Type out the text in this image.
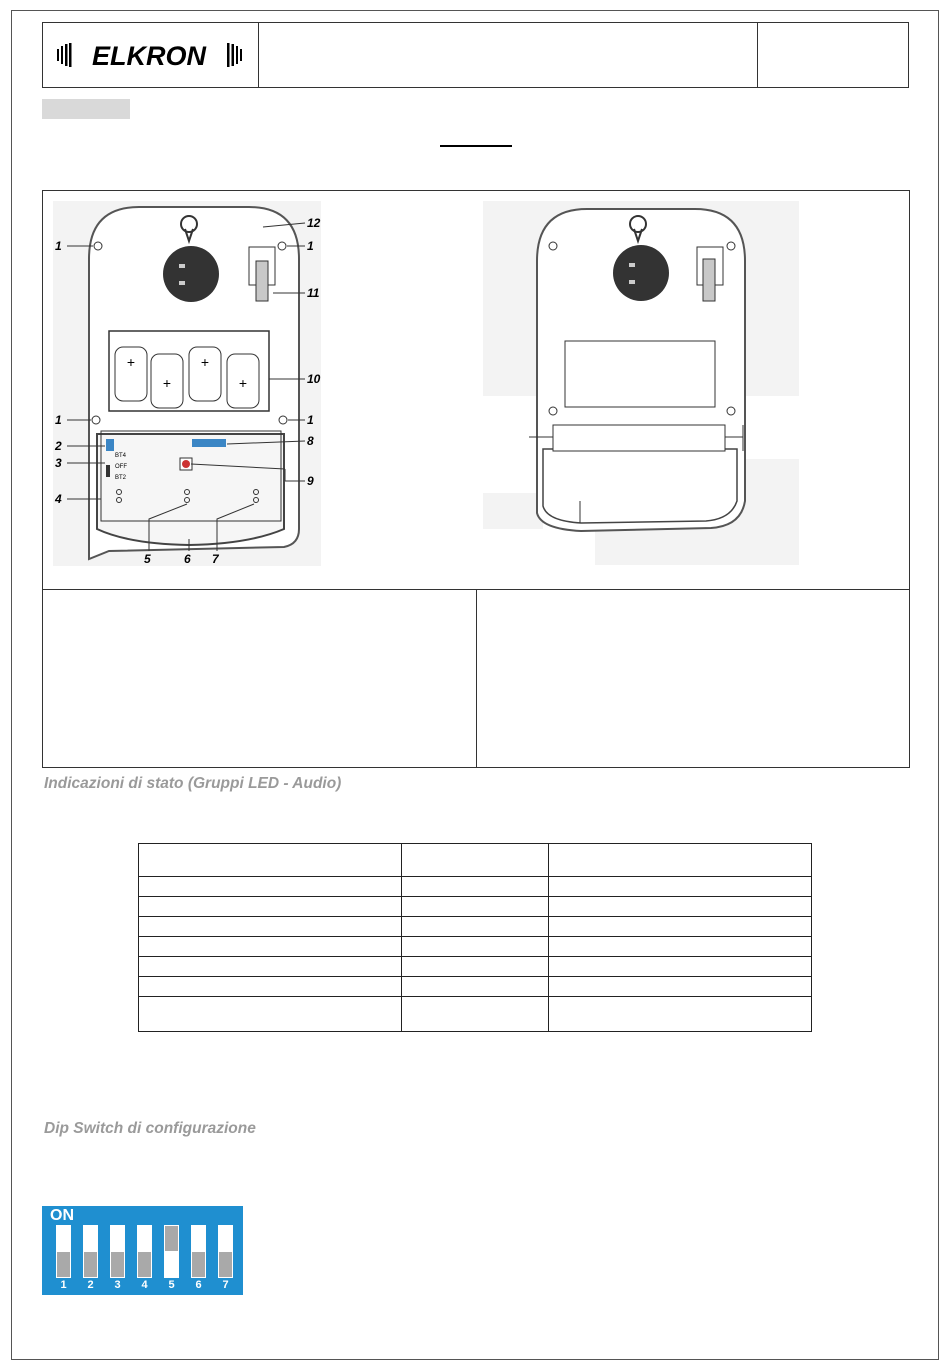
ELKRON
+
+
+
+
BT4
OFF
BT2
1	1
11
12
1	1
10
8
2
3
9
4
5	6 7
Indicazioni di stato (Gruppi LED - Audio)

Dip Switch di configurazione
ON
1	2	3	4	5	6	7
